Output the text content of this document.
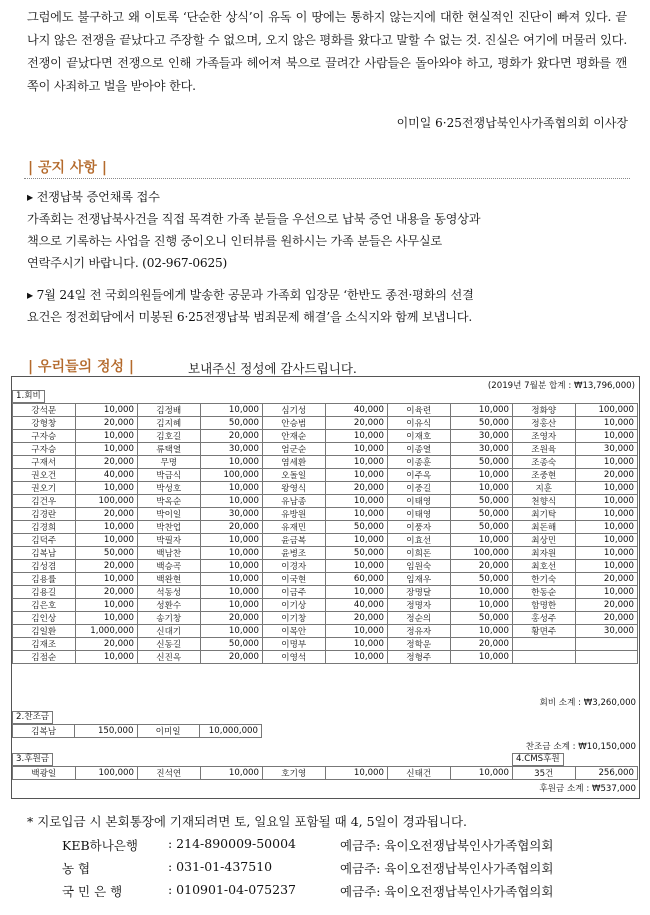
그럼에도 불구하고 왜 이토록 ‘단순한 상식’이 유독 이 땅에는 통하지 않는지에 대한 현실적인 진단이 빠져 있다. 끝나지 않은 전쟁을 끝났다고 주장할 수 없으며, 오지 않은 평화를 왔다고 말할 수 없는 것. 진실은 여기에 머물러 있다. 전쟁이 끝났다면 전쟁으로 인해 가족들과 헤어져 북으로 끌려간 사람들은 돌아와야 하고, 평화가 왔다면 평화를 깬 쪽이 사죄하고 벌을 받아야 한다.

이미일 6·25전쟁납북인사가족협의회 이사장
| 공지 사항 |

▸ 전쟁납북 증언채록 접수

가족회는 전쟁납북사건을 직접 목격한 가족 분들을 우선으로 납북 증언 내용을 동영상과

책으로 기록하는 사업을 진행 중이오니 인터뷰를 원하시는 가족 분들은 사무실로

연락주시기 바랍니다. (02-967-0625)

▸ 7월 24일 전 국회의원들에게 발송한 공문과 가족회 입장문 ‘한반도 종전·평화의 선결

요건은 정전회담에서 미봉된 6·25전쟁납북 범죄문제 해결’을 소식지와 함께 보냅니다.

| 우리들의 정성 |	보내주신 정성에 감사드립니다.
(2019년 7월분 합계 : ₩13,796,000)
1.회비
강석문	10,000	김정배	10,000	심기성	40,000	이육련	10,000	정화양	100,000
강형창	20,000	김지혜	50,000	안승범	20,000	이유식	50,000	정홍산	10,000
구자승	10,000	김호길	20,000	안재순	10,000	이재호	30,000	조영자	10,000
구자승	10,000	류택열	30,000	엄군순	10,000	이종열	30,000	조원육	30,000
구재서	20,000	무명	10,000	염세환	10,000	이종훈	50,000	조종숙	10,000
권오건	40,000	박금식	100,000	오돌일	10,000	이주옥	10,000	조중현	20,000
권오기	10,000	박성호	10,000	왕영식	20,000	이중길	10,000	지훈	10,000
김건우	100,000	박옥순	10,000	유남종	10,000	이태영	50,000	천향식	10,000
김경란	20,000	박이일	30,000	유방원	10,000	이태영	50,000	최기탁	10,000
김경희	10,000	박찬업	20,000	유재민	50,000	이풍자	50,000	최돈해	10,000
김덕주	10,000	박필자	10,000	윤금복	10,000	이효선	10,000	최상민	10,000
김복남	50,000	백남찬	10,000	윤병조	50,000	이희돈	100,000	최자원	10,000
김성겸	20,000	백승곡	10,000	이경자	10,000	임원숙	20,000	최호선	10,000
김용률	10,000	백완현	10,000	이국현	60,000	임재우	50,000	한기숙	20,000
김용길	20,000	석동성	10,000	이금주	10,000	장명달	10,000	한동순	10,000
김은호	10,000	성환수	10,000	이기상	40,000	정명자	10,000	함명한	20,000
김인상	10,000	송기창	20,000	이기창	20,000	정순의	50,000	홍성주	20,000
김일환	1,000,000	신대기	10,000	이목안	10,000	정유자	10,000	황면주	30,000
김재조	20,000	신동길	50,000	이명부	10,000	정학운	20,000		
김점순	10,000	신진옥	20,000	이영석	10,000	정형주	10,000		
회비 소계 : ₩3,260,000
2.찬조금
김복남	150,000	이미일	10,000,000
찬조금 소계 : ₩10,150,000
3.후원금	4.CMS후원
백광일	100,000	진석연	10,000	호기영	10,000	신태건	10,000	35건	256,000
후원금 소계 : ₩537,000
* 지로입금 시 본회통장에 기재되려면 토, 일요일 포함될 때 4, 5일이 경과됩니다.
KEB하나은행 : 214-890009-50004	예금주: 육이오전쟁납북인사가족협의회
농 협	: 031-01-437510	예금주: 육이오전쟁납북인사가족협의회
국 민 은 행	: 010901-04-075237	예금주: 육이오전쟁납북인사가족협의회
